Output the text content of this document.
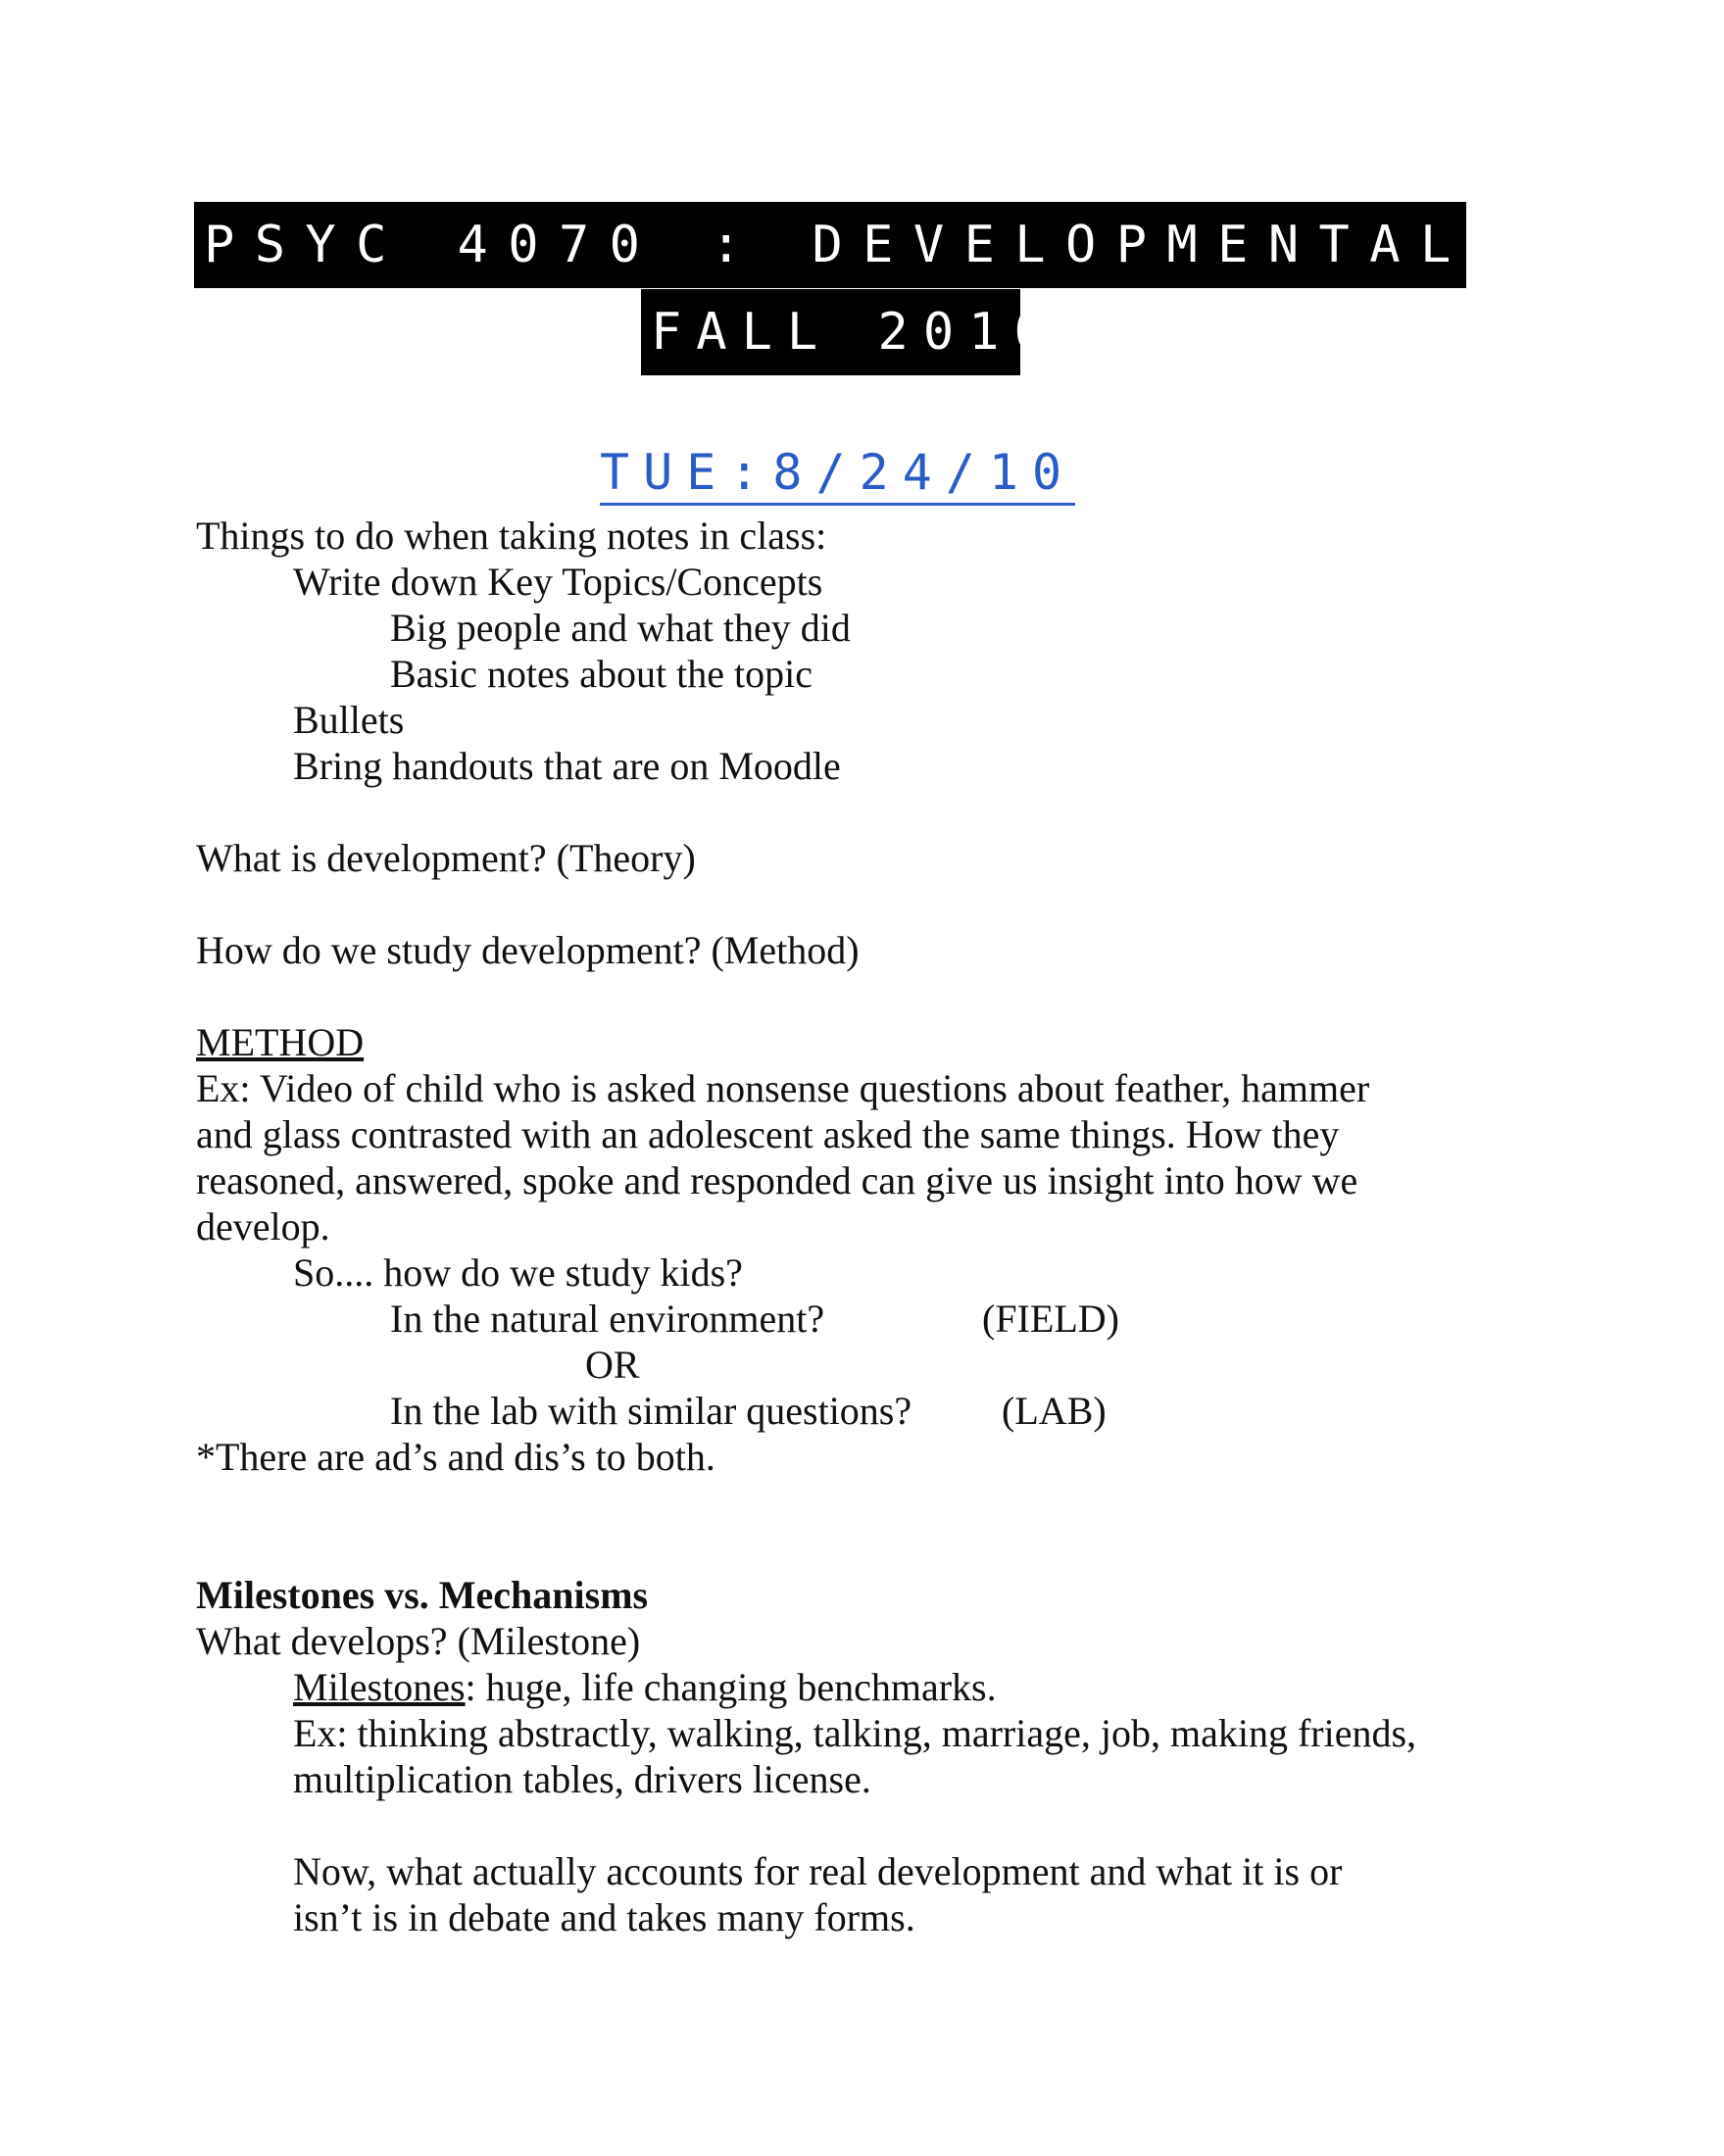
PSYC 4070 : DEVELOPMENTAL PSYC
FALL 2010
TUE:8/24/10
Things to do when taking notes in class:
Write down Key Topics/Concepts
Big people and what they did
Basic notes about the topic
Bullets
Bring handouts that are on Moodle
What is development? (Theory)
How do we study development? (Method)
METHOD
Ex: Video of child who is asked nonsense questions about feather, hammer
and glass contrasted with an adolescent asked the same things. How they
reasoned, answered, spoke and responded can give us insight into how we
develop.
So.... how do we study kids?
In the natural environment?	(FIELD)
OR
In the lab with similar questions? (LAB)
*There are ad’s and dis’s to both.
Milestones vs. Mechanisms
What develops? (Milestone)
Milestones: huge, life changing benchmarks.
Ex: thinking abstractly, walking, talking, marriage, job, making friends,
multiplication tables, drivers license.
Now, what actually accounts for real development and what it is or
isn’t is in debate and takes many forms.
